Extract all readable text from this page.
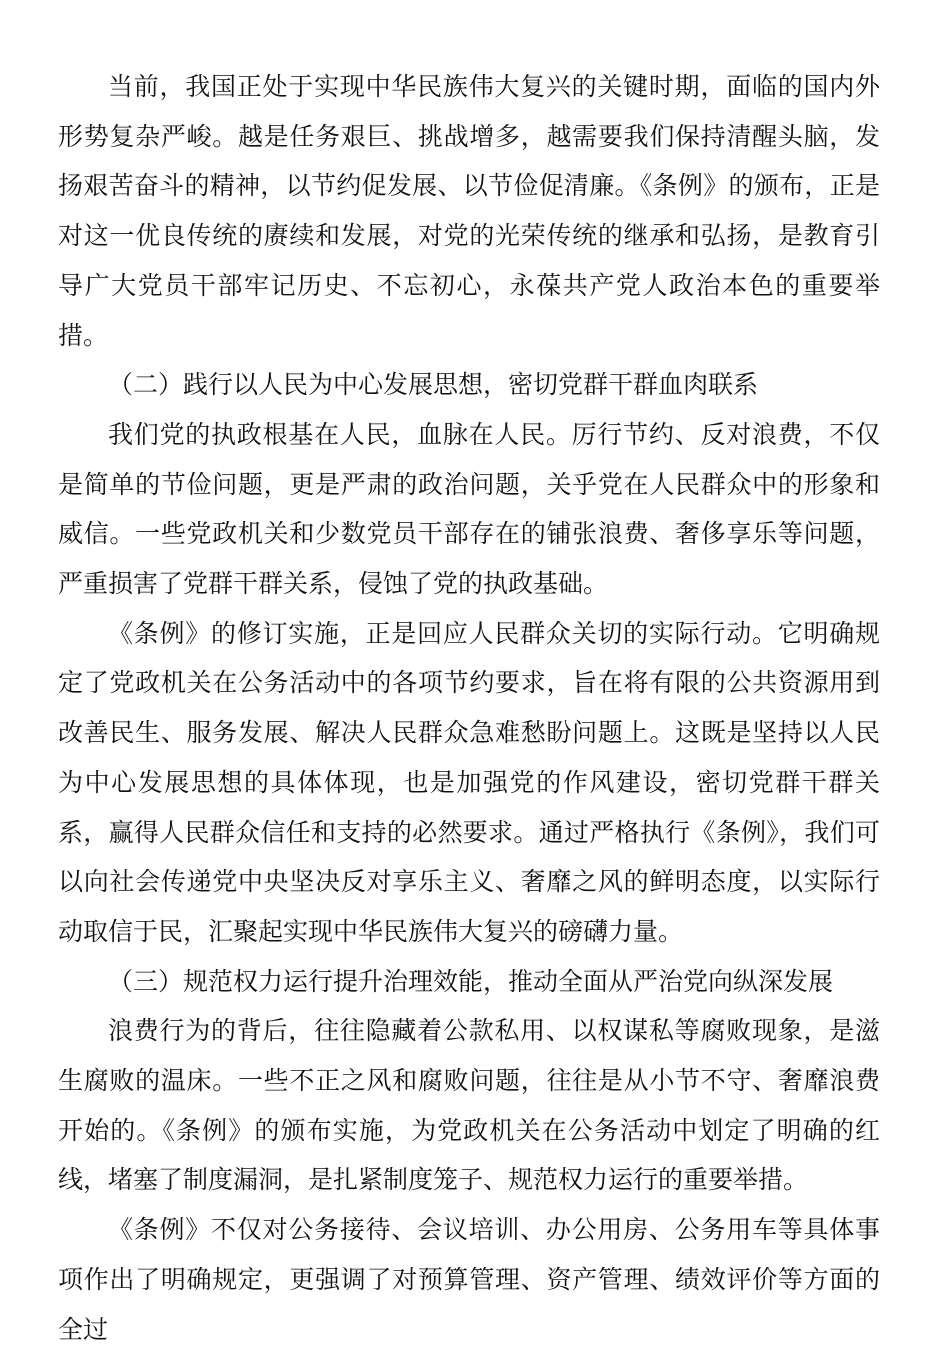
当前，我国正处于实现中华民族伟大复兴的关键时期，面临的国内外形势复杂严峻。越是任务艰巨、挑战增多，越需要我们保持清醒头脑，发扬艰苦奋斗的精神，以节约促发展、以节俭促清廉。《条例》的颁布，正是对这一优良传统的赓续和发展，对党的光荣传统的继承和弘扬，是教育引导广大党员干部牢记历史、不忘初心，永葆共产党人政治本色的重要举措。

（二）践行以人民为中心发展思想，密切党群干群血肉联系

我们党的执政根基在人民，血脉在人民。厉行节约、反对浪费，不仅是简单的节俭问题，更是严肃的政治问题，关乎党在人民群众中的形象和威信。一些党政机关和少数党员干部存在的铺张浪费、奢侈享乐等问题，严重损害了党群干群关系，侵蚀了党的执政基础。

《条例》的修订实施，正是回应人民群众关切的实际行动。它明确规定了党政机关在公务活动中的各项节约要求，旨在将有限的公共资源用到改善民生、服务发展、解决人民群众急难愁盼问题上。这既是坚持以人民为中心发展思想的具体体现，也是加强党的作风建设，密切党群干群关系，赢得人民群众信任和支持的必然要求。通过严格执行《条例》，我们可以向社会传递党中央坚决反对享乐主义、奢靡之风的鲜明态度，以实际行动取信于民，汇聚起实现中华民族伟大复兴的磅礴力量。

（三）规范权力运行提升治理效能，推动全面从严治党向纵深发展

浪费行为的背后，往往隐藏着公款私用、以权谋私等腐败现象，是滋生腐败的温床。一些不正之风和腐败问题，往往是从小节不守、奢靡浪费开始的。《条例》的颁布实施，为党政机关在公务活动中划定了明确的红线，堵塞了制度漏洞，是扎紧制度笼子、规范权力运行的重要举措。

《条例》不仅对公务接待、会议培训、办公用房、公务用车等具体事项作出了明确规定，更强调了对预算管理、资产管理、绩效评价等方面的全过
